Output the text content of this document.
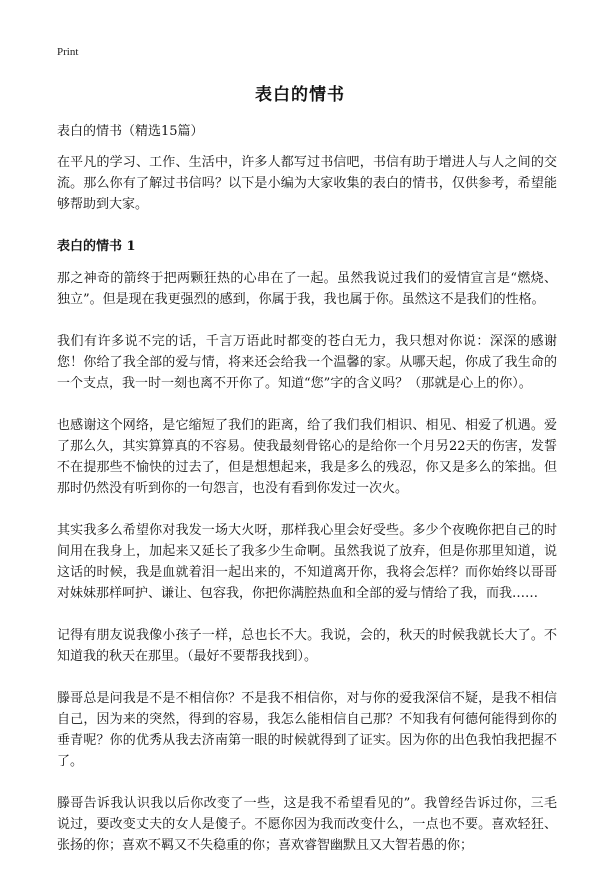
Print
表白的情书

表白的情书（精选15篇）

在平凡的学习、工作、生活中，许多人都写过书信吧，书信有助于增进人与人之间的交流。那么你有了解过书信吗？以下是小编为大家收集的表白的情书，仅供参考，希望能够帮助到大家。

表白的情书 1

那之神奇的箭终于把两颗狂热的心串在了一起。虽然我说过我们的爱情宣言是“燃烧、独立”。但是现在我更强烈的感到，你属于我，我也属于你。虽然这不是我们的性格。

我们有许多说不完的话，千言万语此时都变的苍白无力，我只想对你说：深深的感谢您！你给了我全部的爱与情，将来还会给我一个温馨的家。从哪天起，你成了我生命的一个支点，我一时一刻也离不开你了。知道“您”字的含义吗？（那就是心上的你）。

也感谢这个网络，是它缩短了我们的距离，给了我们我们相识、相见、相爱了机遇。爱了那么久，其实算算真的不容易。使我最刻骨铭心的是给你一个月另22天的伤害，发誓不在提那些不愉快的过去了，但是想想起来，我是多么的残忍，你又是多么的笨拙。但那时仍然没有听到你的一句怨言，也没有看到你发过一次火。

其实我多么希望你对我发一场大火呀，那样我心里会好受些。多少个夜晚你把自己的时间用在我身上，加起来又延长了我多少生命啊。虽然我说了放弃，但是你那里知道，说这话的时候，我是血就着泪一起出来的，不知道离开你，我将会怎样？而你始终以哥哥对妹妹那样呵护、谦让、包容我，你把你满腔热血和全部的爱与情给了我，而我……

记得有朋友说我像小孩子一样，总也长不大。我说，会的，秋天的时候我就长大了。不知道我的秋天在那里。（最好不要帮我找到）。

滕哥总是问我是不是不相信你？不是我不相信你，对与你的爱我深信不疑，是我不相信自己，因为来的突然，得到的容易，我怎么能相信自己那？不知我有何德何能得到你的垂青呢？你的优秀从我去济南第一眼的时候就得到了证实。因为你的出色我怕我把握不了。

滕哥告诉我认识我以后你改变了一些，这是我不希望看见的”。我曾经告诉过你，三毛说过，要改变丈夫的女人是傻子。不愿你因为我而改变什么，一点也不要。喜欢轻狂、张扬的你；喜欢不羁又不失稳重的你；喜欢睿智幽默且又大智若愚的你；
